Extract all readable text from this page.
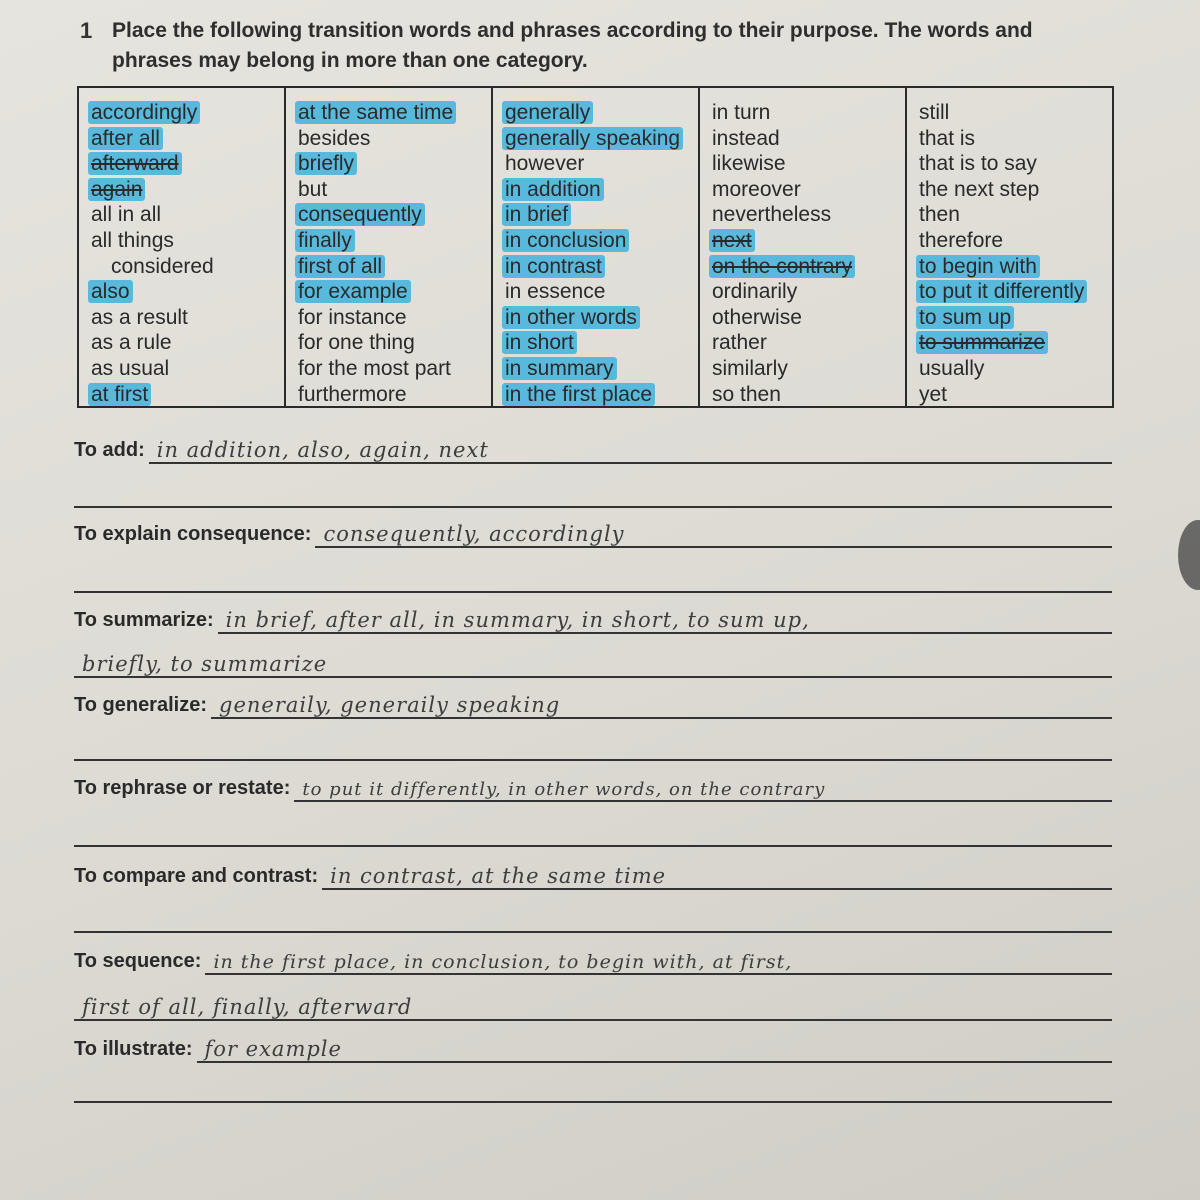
1 Place the following transition words and phrases according to their purpose. The words and phrases may belong in more than one category.
accordingly
after all
afterward
again
all in all
all things
considered
also
as a result
as a rule
as usual
at first
at the same time
besides
briefly
but
consequently
finally
first of all
for example
for instance
for one thing
for the most part
furthermore
generally
generally speaking
however
in addition
in brief
in conclusion
in contrast
in essence
in other words
in short
in summary
in the first place
in turn
instead
likewise
moreover
nevertheless
next
on the contrary
ordinarily
otherwise
rather
similarly
so then
still
that is
that is to say
the next step
then
therefore
to begin with
to put it differently
to sum up
to summarize
usually
yet
To add: in addition, also, again, next
To explain consequence: consequently, accordingly
To summarize: in brief, after all, in summary, in short, to sum up,
briefly, to summarize
To generalize: generaily, generaily speaking
To rephrase or restate: to put it differently, in other words, on the contrary
To compare and contrast: in contrast, at the same time
To sequence: in the first place, in conclusion, to begin with, at first,
first of all, finally, afterward
To illustrate: for example
